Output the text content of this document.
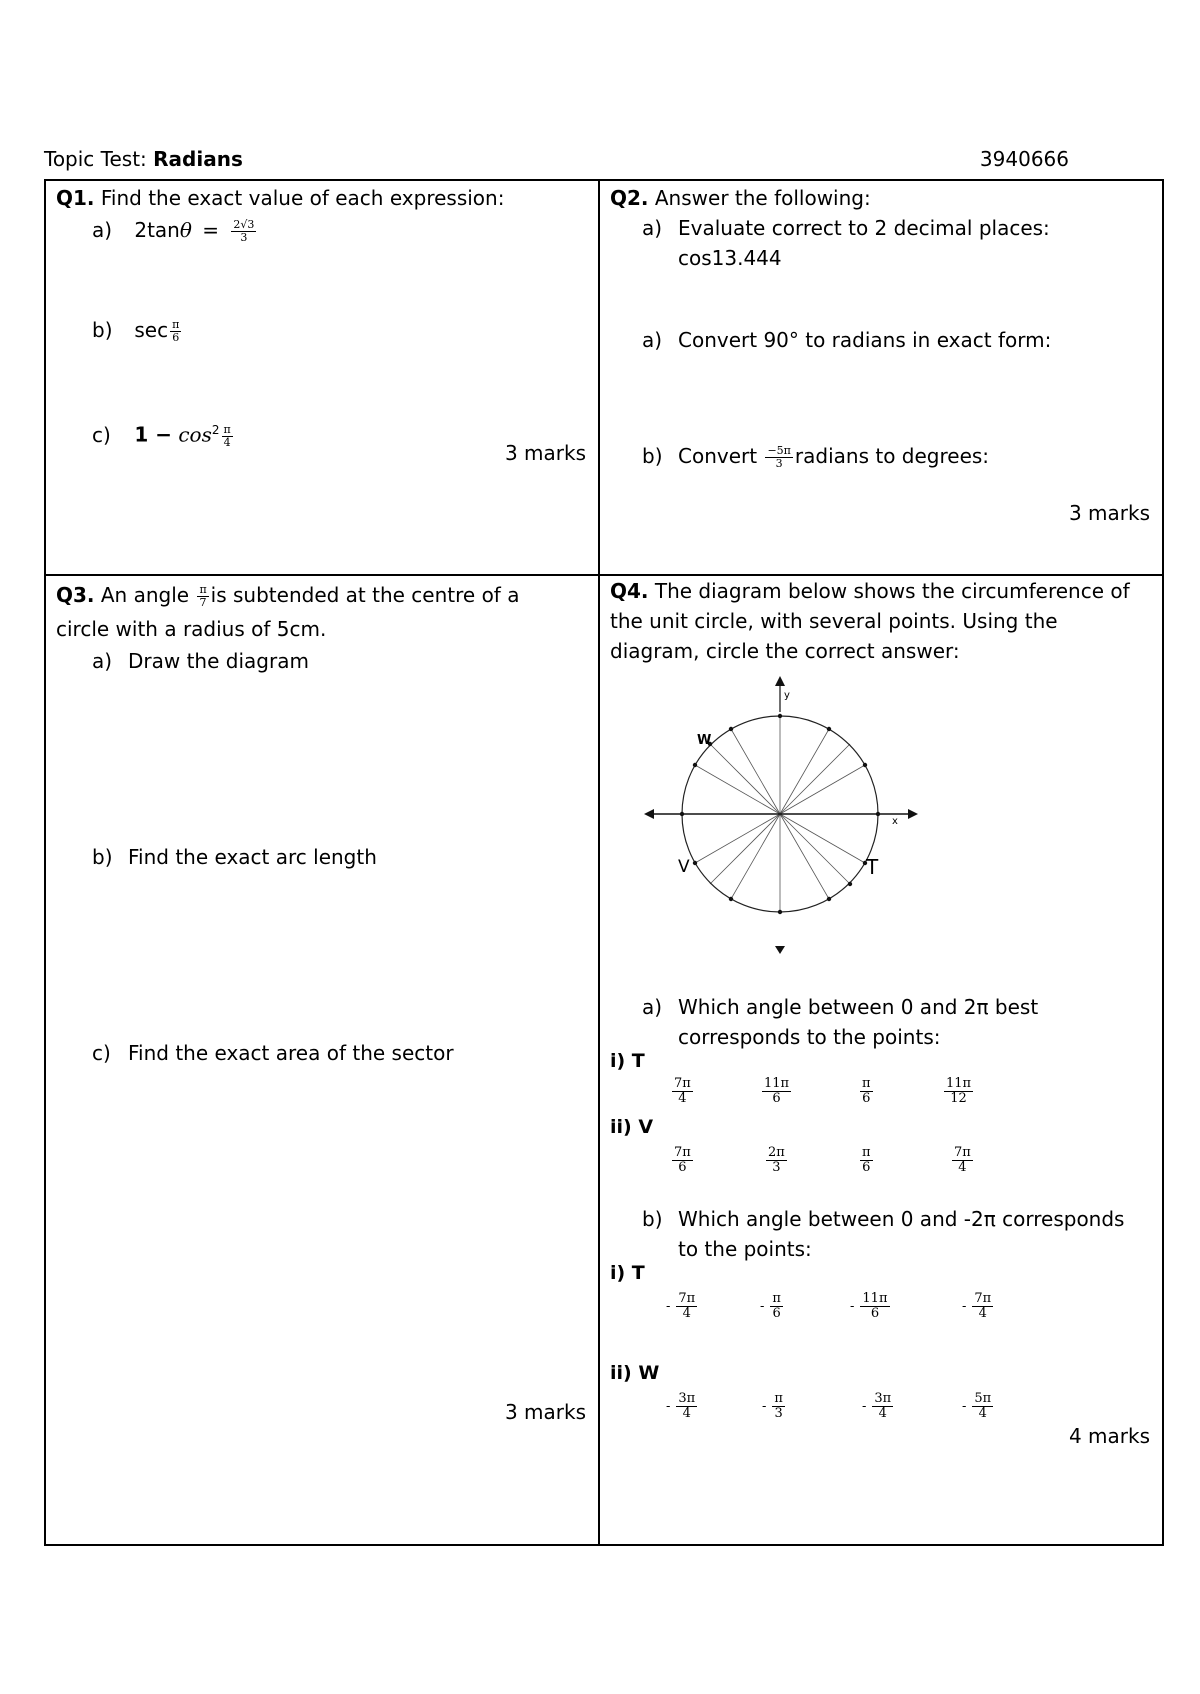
Topic Test: Radians	3940666
Q1. Find the exact value of each expression:
a) $2\tan\theta = \frac{2√3}{3}$
b) $\sec \frac{\pi}{6}$
c) $1 - \cos^2 \frac{\pi}{4}$
3 marks
Q2. Answer the following:
a) Evaluate correct to 2 decimal places:
cos13.444
a) Convert 90° to radians in exact form:
b) Convert $\frac{-5\pi}{3}$ radians to degrees:
3 marks
Q3. An angle $\frac{\pi}{7}$ is subtended at the centre of a
circle with a radius of 5cm.
a) Draw the diagram
b) Find the exact arc length
c) Find the exact area of the sector
3 marks
Q4. The diagram below shows the circumference of
the unit circle, with several points. Using the
diagram, circle the correct answer:
y
x
W
V	T
a) Which angle between 0 and 2π best
corresponds to the points:
i) T
$\frac{7\pi}{4}$	$\frac{11\pi}{6}$	$\frac{\pi}{6}$	$\frac{11\pi}{12}$
ii) V
$\frac{7\pi}{6}$	$\frac{2\pi}{3}$	$\frac{\pi}{6}$	$\frac{7\pi}{4}$
b) Which angle between 0 and -2π corresponds
to the points:
i) T
- $\frac{7\pi}{4}$	- $\frac{\pi}{6}$	- $\frac{11\pi}{6}$	- $\frac{7\pi}{4}$
ii) W
- $\frac{3\pi}{4}$	- $\frac{\pi}{3}$	- $\frac{3\pi}{4}$	- $\frac{5\pi}{4}$
4 marks
